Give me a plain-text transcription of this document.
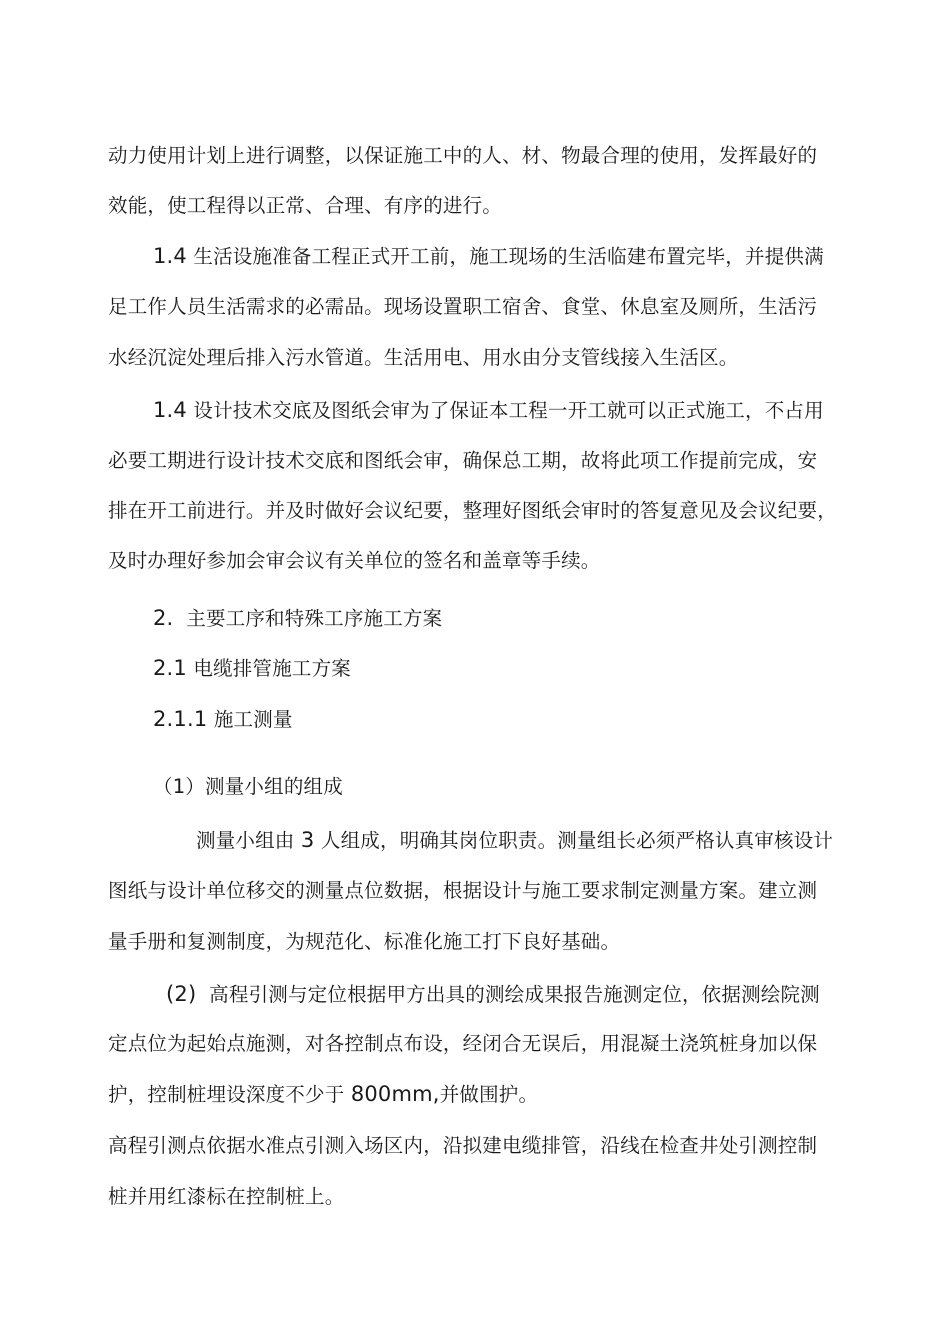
动力使用计划上进行调整，以保证施工中的人、材、物最合理的使用，发挥最好的
效能，使工程得以正常、合理、有序的进行。
1.4 生活设施准备工程正式开工前，施工现场的生活临建布置完毕，并提供满
足工作人员生活需求的必需品。现场设置职工宿舍、食堂、休息室及厕所，生活污
水经沉淀处理后排入污水管道。生活用电、用水由分支管线接入生活区。
1.4 设计技术交底及图纸会审为了保证本工程一开工就可以正式施工，不占用
必要工期进行设计技术交底和图纸会审，确保总工期，故将此项工作提前完成，安
排在开工前进行。并及时做好会议纪要，整理好图纸会审时的答复意见及会议纪要，
及时办理好参加会审会议有关单位的签名和盖章等手续。
2. 主要工序和特殊工序施工方案
2.1 电缆排管施工方案
2.1.1 施工测量
（1）测量小组的组成
测量小组由 3 人组成，明确其岗位职责。测量组长必须严格认真审核设计
图纸与设计单位移交的测量点位数据，根据设计与施工要求制定测量方案。建立测
量手册和复测制度，为规范化、标准化施工打下良好基础。
(2) 高程引测与定位根据甲方出具的测绘成果报告施测定位，依据测绘院测
定点位为起始点施测，对各控制点布设，经闭合无误后，用混凝土浇筑桩身加以保
护，控制桩埋设深度不少于 800mm,并做围护。
高程引测点依据水准点引测入场区内，沿拟建电缆排管，沿线在检查井处引测控制
桩并用红漆标在控制桩上。
